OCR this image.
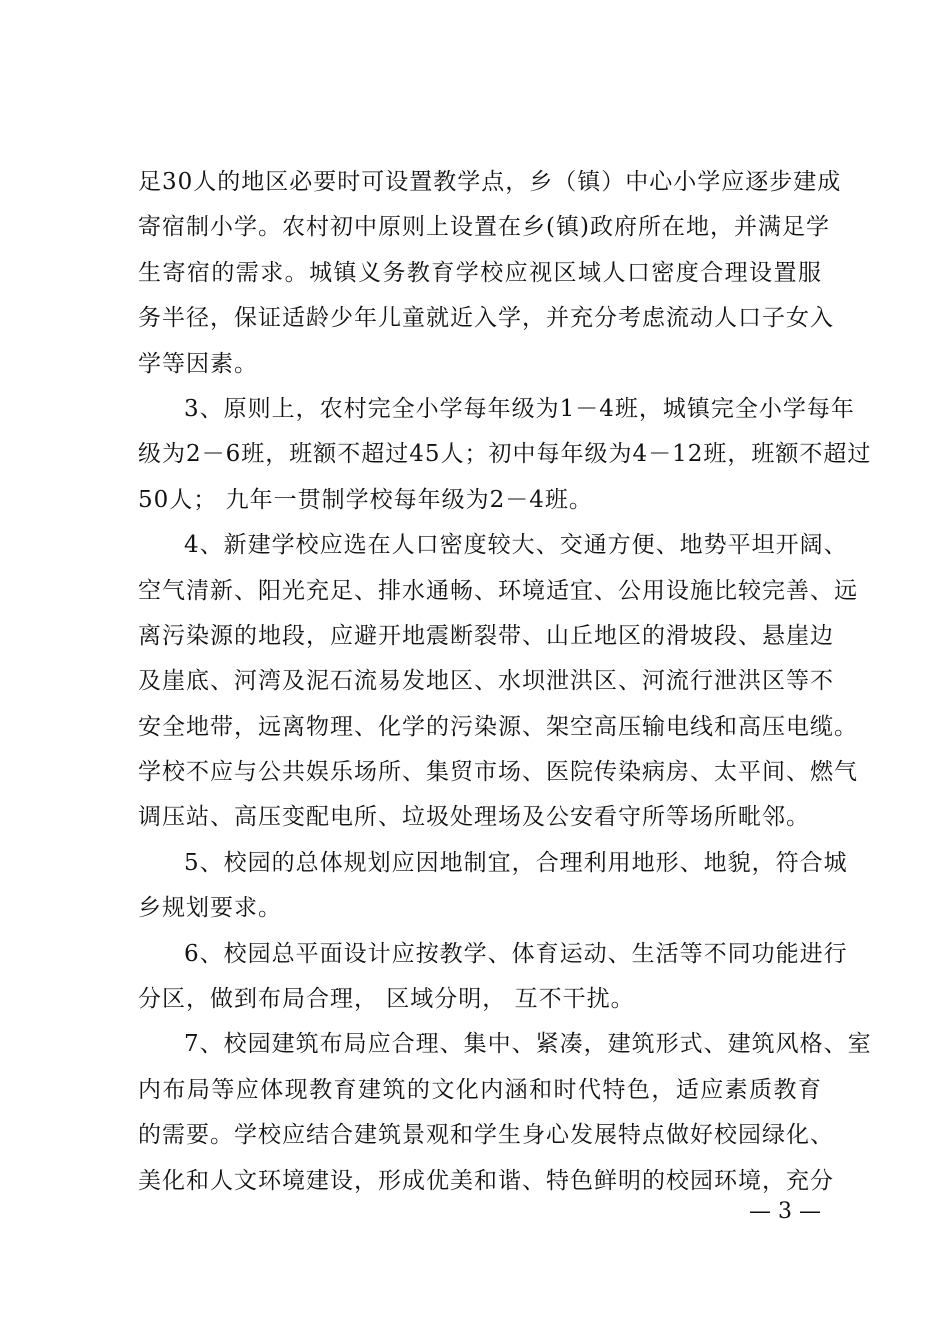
足30人的地区必要时可设置教学点，乡（镇）中心小学应逐步建成
寄宿制小学。农村初中原则上设置在乡(镇)政府所在地，并满足学
生寄宿的需求。城镇义务教育学校应视区域人口密度合理设置服
务半径，保证适龄少年儿童就近入学，并充分考虑流动人口子女入
学等因素。
3、原则上，农村完全小学每年级为1－4班，城镇完全小学每年
级为2－6班，班额不超过45人；初中每年级为4－12班，班额不超过
50人； 九年一贯制学校每年级为2－4班。
4、新建学校应选在人口密度较大、交通方便、地势平坦开阔、
空气清新、阳光充足、排水通畅、环境适宜、公用设施比较完善、远
离污染源的地段，应避开地震断裂带、山丘地区的滑坡段、悬崖边
及崖底、河湾及泥石流易发地区、水坝泄洪区、河流行泄洪区等不
安全地带，远离物理、化学的污染源、架空高压输电线和高压电缆。
学校不应与公共娱乐场所、集贸市场、医院传染病房、太平间、燃气
调压站、高压变配电所、垃圾处理场及公安看守所等场所毗邻。
5、校园的总体规划应因地制宜，合理利用地形、地貌，符合城
乡规划要求。
6、校园总平面设计应按教学、体育运动、生活等不同功能进行
分区，做到布局合理， 区域分明， 互不干扰。
7、校园建筑布局应合理、集中、紧凑，建筑形式、建筑风格、室
内布局等应体现教育建筑的文化内涵和时代特色，适应素质教育
的需要。学校应结合建筑景观和学生身心发展特点做好校园绿化、
美化和人文环境建设，形成优美和谐、特色鲜明的校园环境，充分
— 3 —
